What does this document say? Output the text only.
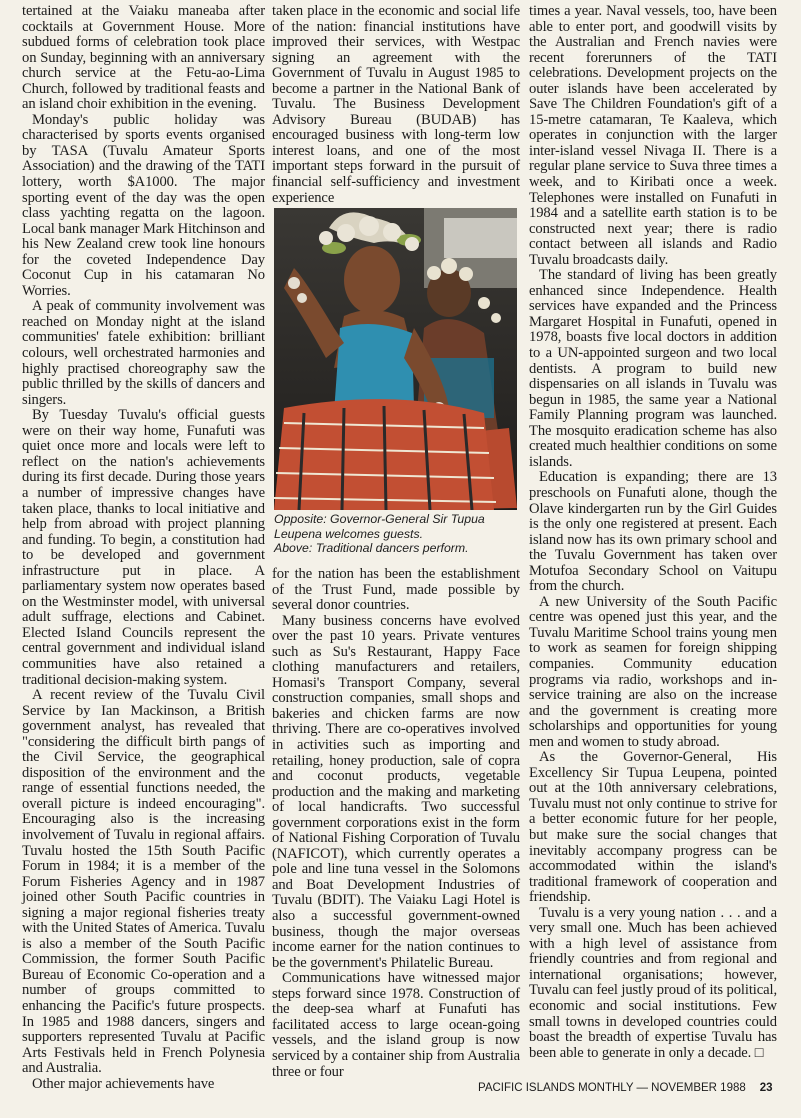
tertained at the Vaiaku maneaba after cocktails at Government House. More subdued forms of celebration took place on Sunday, beginning with an anniversary church service at the Fetu-ao-Lima Church, followed by traditional feasts and an island choir exhibition in the evening.

Monday's public holiday was characterised by sports events organised by TASA (Tuvalu Amateur Sports Association) and the drawing of the TATI lottery, worth $A1000. The major sporting event of the day was the open class yachting regatta on the lagoon. Local bank manager Mark Hitchinson and his New Zealand crew took line honours for the coveted Independence Day Coconut Cup in his catamaran No Worries.

A peak of community involvement was reached on Monday night at the island communities' fatele exhibition: brilliant colours, well orchestrated harmonies and highly practised choreography saw the public thrilled by the skills of dancers and singers.

By Tuesday Tuvalu's official guests were on their way home, Funafuti was quiet once more and locals were left to reflect on the nation's achievements during its first decade. During those years a number of impressive changes have taken place, thanks to local initiative and help from abroad with project planning and funding. To begin, a constitution had to be developed and government infrastructure put in place. A parliamentary system now operates based on the Westminster model, with universal adult suffrage, elections and Cabinet. Elected Island Councils represent the central government and individual island communities have also retained a traditional decision-making system.

A recent review of the Tuvalu Civil Service by Ian Mackinson, a British government analyst, has revealed that "considering the difficult birth pangs of the Civil Service, the geographical disposition of the environment and the range of essential functions needed, the overall picture is indeed encouraging". Encouraging also is the increasing involvement of Tuvalu in regional affairs. Tuvalu hosted the 15th South Pacific Forum in 1984; it is a member of the Forum Fisheries Agency and in 1987 joined other South Pacific countries in signing a major regional fisheries treaty with the United States of America. Tuvalu is also a member of the South Pacific Commission, the former South Pacific Bureau of Economic Co-operation and a number of groups committed to enhancing the Pacific's future prospects. In 1985 and 1988 dancers, singers and supporters represented Tuvalu at Pacific Arts Festivals held in French Polynesia and Australia.

Other major achievements have

taken place in the economic and social life of the nation: financial institutions have improved their services, with Westpac signing an agreement with the Government of Tuvalu in August 1985 to become a partner in the National Bank of Tuvalu. The Business Development Advisory Bureau (BUDAB) has encouraged business with long-term low interest loans, and one of the most important steps forward in the pursuit of financial self-sufficiency and investment experience

Opposite: Governor-General Sir Tupua
Leupena welcomes guests.
Above: Traditional dancers perform.

for the nation has been the establishment of the Trust Fund, made possible by several donor countries.

Many business concerns have evolved over the past 10 years. Private ventures such as Su's Restaurant, Happy Face clothing manufacturers and retailers, Homasi's Transport Company, several construction companies, small shops and bakeries and chicken farms are now thriving. There are co-operatives involved in activities such as importing and retailing, honey production, sale of copra and coconut products, vegetable production and the making and marketing of local handicrafts. Two successful government corporations exist in the form of National Fishing Corporation of Tuvalu (NAFICOT), which currently operates a pole and line tuna vessel in the Solomons and Boat Development Industries of Tuvalu (BDIT). The Vaiaku Lagi Hotel is also a successful government-owned business, though the major overseas income earner for the nation continues to be the government's Philatelic Bureau.

Communications have witnessed major steps forward since 1978. Construction of the deep-sea wharf at Funafuti has facilitated access to large ocean-going vessels, and the island group is now serviced by a container ship from Australia three or four

times a year. Naval vessels, too, have been able to enter port, and goodwill visits by the Australian and French navies were recent forerunners of the TATI celebrations. Development projects on the outer islands have been accelerated by Save The Children Foundation's gift of a 15-metre catamaran, Te Kaaleva, which operates in conjunction with the larger inter-island vessel Nivaga II. There is a regular plane service to Suva three times a week, and to Kiribati once a week. Telephones were installed on Funafuti in 1984 and a satellite earth station is to be constructed next year; there is radio contact between all islands and Radio Tuvalu broadcasts daily.

The standard of living has been greatly enhanced since Independence. Health services have expanded and the Princess Margaret Hospital in Funafuti, opened in 1978, boasts five local doctors in addition to a UN-appointed surgeon and two local dentists. A program to build new dispensaries on all islands in Tuvalu was begun in 1985, the same year a National Family Planning program was launched. The mosquito eradication scheme has also created much healthier conditions on some islands.

Education is expanding; there are 13 preschools on Funafuti alone, though the Olave kindergarten run by the Girl Guides is the only one registered at present. Each island now has its own primary school and the Tuvalu Government has taken over Motufoa Secondary School on Vaitupu from the church.

A new University of the South Pacific centre was opened just this year, and the Tuvalu Maritime School trains young men to work as seamen for foreign shipping companies. Community education programs via radio, workshops and in-service training are also on the increase and the government is creating more scholarships and opportunities for young men and women to study abroad.

As the Governor-General, His Excellency Sir Tupua Leupena, pointed out at the 10th anniversary celebrations, Tuvalu must not only continue to strive for a better economic future for her people, but make sure the social changes that inevitably accompany progress can be accommodated within the island's traditional framework of cooperation and friendship.

Tuvalu is a very young nation . . . and a very small one. Much has been achieved with a high level of assistance from friendly countries and from regional and international organisations; however, Tuvalu can feel justly proud of its political, economic and social institutions. Few small towns in developed countries could boast the breadth of expertise Tuvalu has been able to generate in only a decade. □

PACIFIC ISLANDS MONTHLY — NOVEMBER 1988 23
